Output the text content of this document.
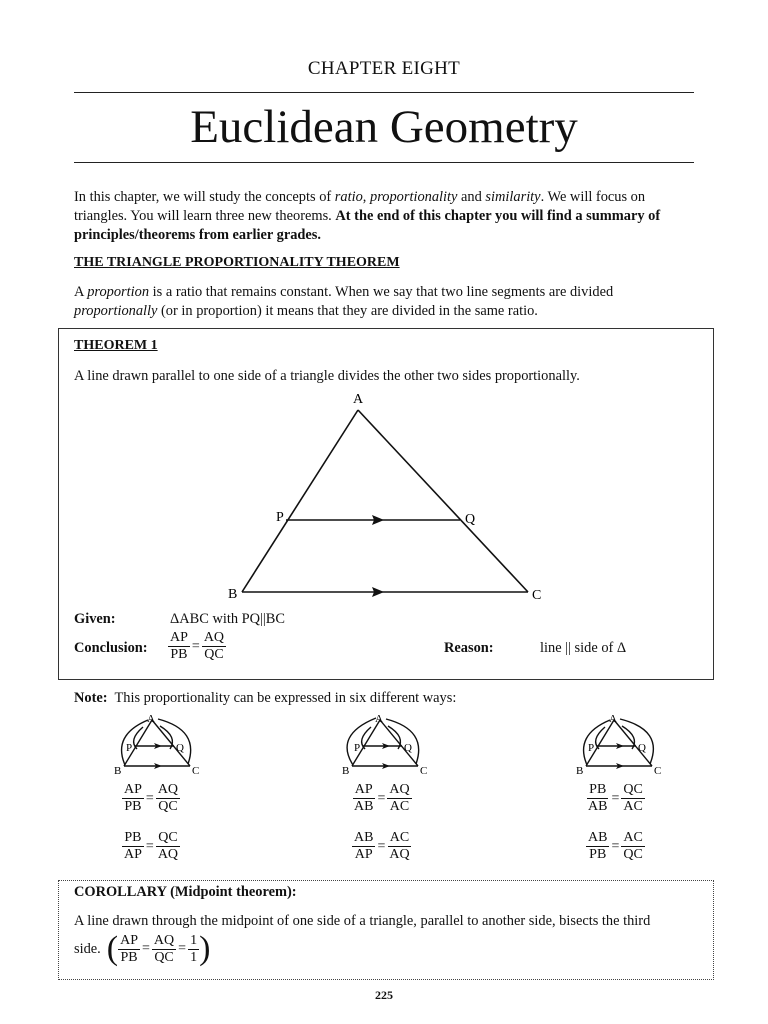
CHAPTER EIGHT
Euclidean Geometry

In this chapter, we will study the concepts of ratio, proportionality and similarity. We will focus on triangles. You will learn three new theorems. At the end of this chapter you will find a summary of principles/theorems from earlier grades.

THE TRIANGLE PROPORTIONALITY THEOREM

A proportion is a ratio that remains constant. When we say that two line segments are divided proportionally (or in proportion) it means that they are divided in the same ratio.

THEOREM 1

A line drawn parallel to one side of a triangle divides the other two sides proportionally.

A
P	Q
B	C
Given:	ΔABC with PQ||BC
Conclusion: $\frac{AP}{PB} = \frac{AQ}{QC}$	Reason:	line || side of Δ
Note: This proportionality can be expressed in six different ways:
A
P	Q
B	C
A
P	Q
B	C
A
P	Q
B	C
$\frac{AP}{PB} = \frac{AQ}{QC}$
$\frac{PB}{AP} = \frac{QC}{AQ}$
$\frac{AP}{AB} = \frac{AQ}{AC}$
$\frac{AB}{AP} = \frac{AC}{AQ}$
$\frac{PB}{AB} = \frac{QC}{AC}$
$\frac{AB}{PB} = \frac{AC}{QC}$
COROLLARY (Midpoint theorem):

A line drawn through the midpoint of one side of a triangle, parallel to another side, bisects the third

side. ( $\frac{AP}{PB} = \frac{AQ}{QC} = \frac{1}{1}$ )
225
